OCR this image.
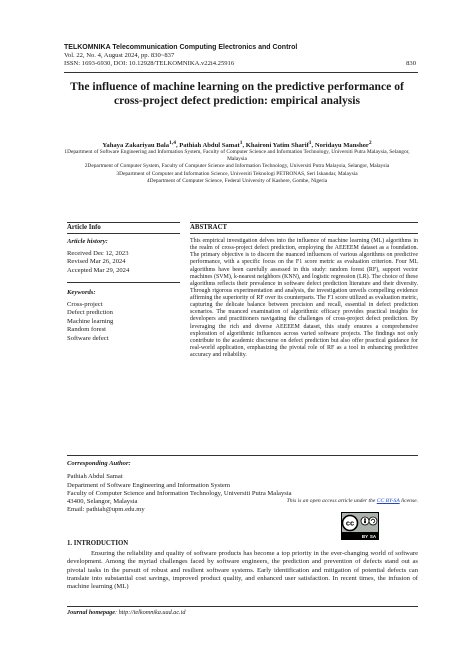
TELKOMNIKA Telecommunication Computing Electronics and Control
Vol. 22, No. 4, August 2024, pp. 830~837
ISSN: 1693-6930, DOI: 10.12928/TELKOMNIKA.v22i4.25916	830
The influence of machine learning on the predictive performance of cross-project defect prediction: empirical analysis
Yahaya Zakariyau Bala$^{1,4}$, Pathiah Abdul Samat$^1$, Khaironi Yatim Sharif$^1$, Noridayu Manshor$^2$
1Department of Software Engineering and Information System, Faculty of Computer Science and Information Technology, Universiti Putra Malaysia, Selangor, Malaysia
2Department of Computer System, Faculty of Computer Science and Information Technology, Universiti Putra Malaysia, Selangor, Malaysia
3Department of Computer and Information Science, Universiti Teknologi PETRONAS, Seri Iskandar, Malaysia
4Department of Computer Science, Federal University of Kashere, Gombe, Nigeria
Article Info	ABSTRACT
Article history:
Received Dec 12, 2023
Revised Mar 26, 2024
Accepted Mar 29, 2024
Keywords:
Cross-project
Defect prediction
Machine learning
Random forest
Software defect
This empirical investigation delves into the influence of machine learning (ML) algorithms in the realm of cross-project defect prediction, employing the AEEEEM dataset as a foundation. The primary objective is to discern the nuanced influences of various algorithms on predictive performance, with a specific focus on the F1 score metric as evaluation criterion. Four ML algorithms have been carefully assessed in this study: random forest (RF), support vector machines (SVM), k-nearest neighbors (KNN), and logistic regression (LR). The choice of these algorithms reflects their prevalence in software defect prediction literature and their diversity. Through rigorous experimentation and analysis, the investigation unveils compelling evidence affirming the superiority of RF over its counterparts. The F1 score utilized as evaluation metric, capturing the delicate balance between precision and recall, essential in defect prediction scenarios. The nuanced examination of algorithmic efficacy provides practical insights for developers and practitioners navigating the challenges of cross-project defect prediction. By leveraging the rich and diverse AEEEEM dataset, this study ensures a comprehensive exploration of algorithmic influences across varied software projects. The findings not only contribute to the academic discourse on defect prediction but also offer practical guidance for real-world application, emphasizing the pivotal role of RF as a tool in enhancing predictive accuracy and reliability.
This is an open access article under the CC BY-SA license.
cc
BY SA
Corresponding Author:
Pathiah Abdul Samat
Department of Software Engineering and Information System
Faculty of Computer Science and Information Technology, Universiti Putra Malaysia
43400, Selangor, Malaysia
Email: pathiah@upm.edu.my
1. INTRODUCTION
Ensuring the reliability and quality of software products has become a top priority in the ever-changing world of software development. Among the myriad challenges faced by software engineers, the prediction and prevention of defects stand out as pivotal tasks in the pursuit of robust and resilient software systems. Early identification and mitigation of potential defects can translate into substantial cost savings, improved product quality, and enhanced user satisfaction. In recent times, the infusion of machine learning (ML)
Journal homepage: http://telkomnika.uad.ac.id
